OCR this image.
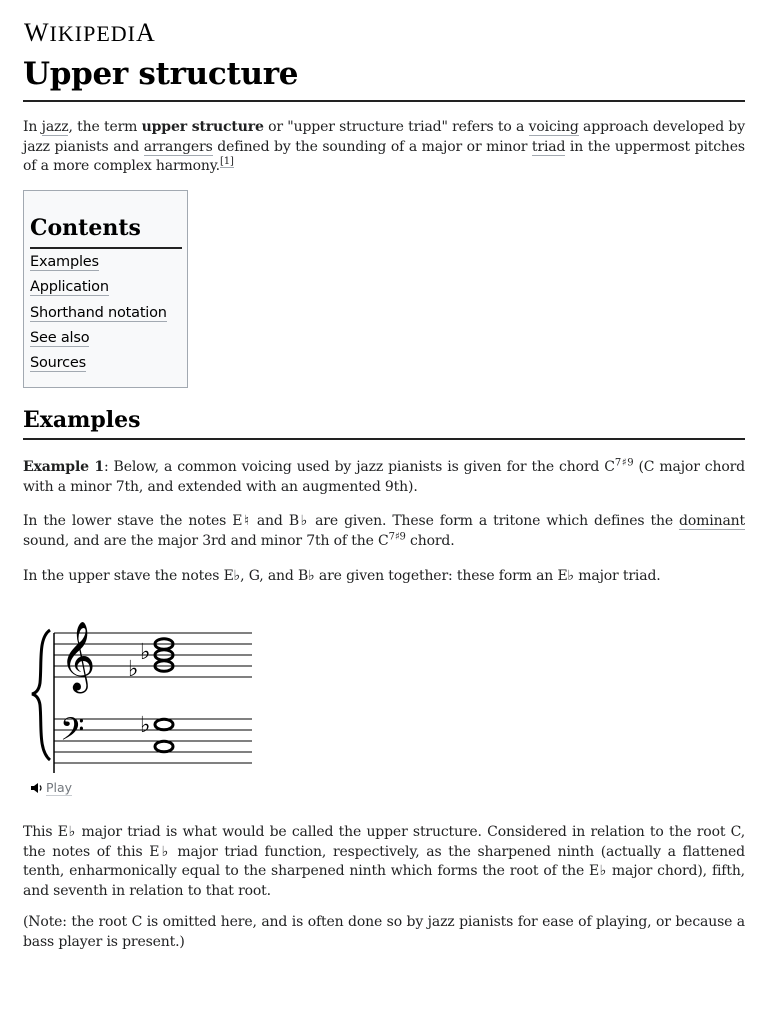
WIKIPEDIA
Upper structure

In jazz, the term upper structure or "upper structure triad" refers to a voicing approach developed by jazz pianists and arrangers defined by the sounding of a major or minor triad in the uppermost pitches of a more complex harmony.[1]

Contents
Examples
Application
Shorthand notation
See also
Sources
Examples

Example 1: Below, a common voicing used by jazz pianists is given for the chord $C^{7♯9}$ (C major chord with a minor 7th, and extended with an augmented 9th).

In the lower stave the notes E♮ and B♭ are given. These form a tritone which defines the dominant sound, and are the major 3rd and minor 7th of the $C^{7♯9}$ chord.

In the upper stave the notes E♭, G, and B♭ are given together: these form an E♭ major triad.

𝄞
𝄢
♭
♭
♭
Play

This E♭ major triad is what would be called the upper structure. Considered in relation to the root C, the notes of this E♭ major triad function, respectively, as the sharpened ninth (actually a flattened tenth, enharmonically equal to the sharpened ninth which forms the root of the E♭ major chord), fifth, and seventh in relation to that root.

(Note: the root C is omitted here, and is often done so by jazz pianists for ease of playing, or because a bass player is present.)
